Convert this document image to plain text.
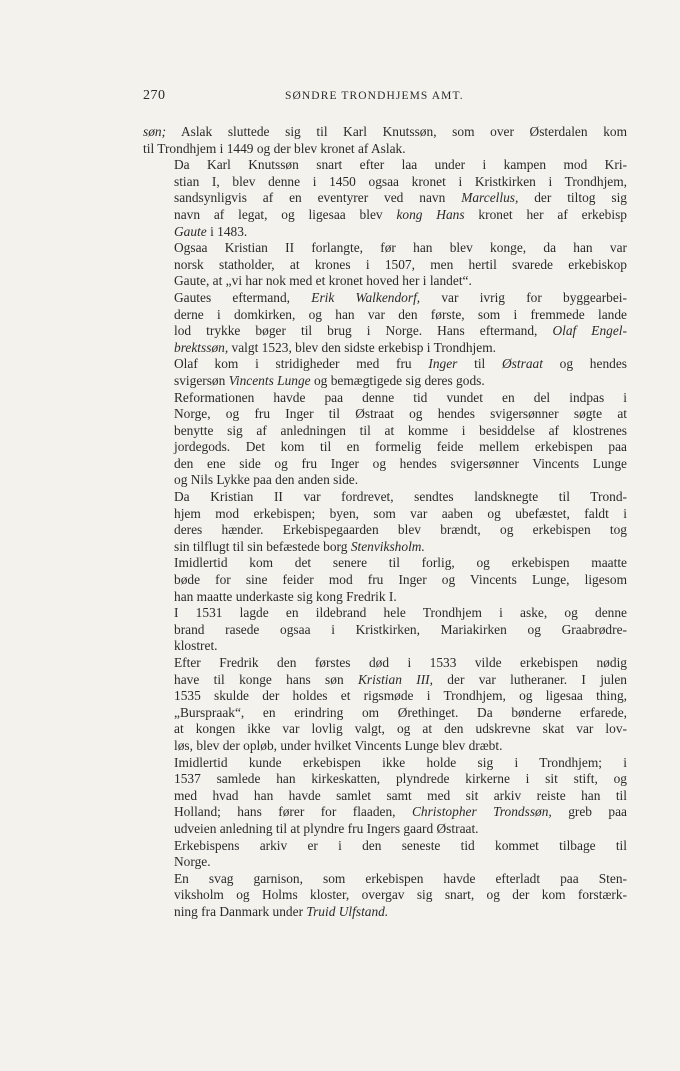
270	SØNDRE TRONDHJEMS AMT.

søn; Aslak sluttede sig til Karl Knutssøn, som over Østerdalen kom
til Trondhjem i 1449 og der blev kronet af Aslak.

Da Karl Knutssøn snart efter laa under i kampen mod Kri-
stian I, blev denne i 1450 ogsaa kronet i Kristkirken i Trondhjem,
sandsynligvis af en eventyrer ved navn Marcellus, der tiltog sig
navn af legat, og ligesaa blev kong Hans kronet her af erkebisp
Gaute i 1483.

Ogsaa Kristian II forlangte, før han blev konge, da han var
norsk statholder, at krones i 1507, men hertil svarede erkebiskop
Gaute, at „vi har nok med et kronet hoved her i landet“.

Gautes eftermand, Erik Walkendorf, var ivrig for byggearbei-
derne i domkirken, og han var den første, som i fremmede lande
lod trykke bøger til brug i Norge. Hans eftermand, Olaf Engel-
brektssøn, valgt 1523, blev den sidste erkebisp i Trondhjem.

Olaf kom i stridigheder med fru Inger til Østraat og hendes
svigersøn Vincents Lunge og bemægtigede sig deres gods.

Reformationen havde paa denne tid vundet en del indpas i
Norge, og fru Inger til Østraat og hendes svigersønner søgte at
benytte sig af anledningen til at komme i besiddelse af klostrenes
jordegods. Det kom til en formelig feide mellem erkebispen paa
den ene side og fru Inger og hendes svigersønner Vincents Lunge
og Nils Lykke paa den anden side.

Da Kristian II var fordrevet, sendtes landsknegte til Trond-
hjem mod erkebispen; byen, som var aaben og ubefæstet, faldt i
deres hænder. Erkebispegaarden blev brændt, og erkebispen tog
sin tilflugt til sin befæstede borg Stenviksholm.

Imidlertid kom det senere til forlig, og erkebispen maatte
bøde for sine feider mod fru Inger og Vincents Lunge, ligesom
han maatte underkaste sig kong Fredrik I.

I 1531 lagde en ildebrand hele Trondhjem i aske, og denne
brand rasede ogsaa i Kristkirken, Mariakirken og Graabrødre-
klostret.

Efter Fredrik den førstes død i 1533 vilde erkebispen nødig
have til konge hans søn Kristian III, der var lutheraner. I julen
1535 skulde der holdes et rigsmøde i Trondhjem, og ligesaa thing,
„Burspraak“, en erindring om Ørethinget. Da bønderne erfarede,
at kongen ikke var lovlig valgt, og at den udskrevne skat var lov-
løs, blev der opløb, under hvilket Vincents Lunge blev dræbt.

Imidlertid kunde erkebispen ikke holde sig i Trondhjem; i
1537 samlede han kirkeskatten, plyndrede kirkerne i sit stift, og
med hvad han havde samlet samt med sit arkiv reiste han til
Holland; hans fører for flaaden, Christopher Trondssøn, greb paa
udveien anledning til at plyndre fru Ingers gaard Østraat.

Erkebispens arkiv er i den seneste tid kommet tilbage til
Norge.

En svag garnison, som erkebispen havde efterladt paa Sten-
viksholm og Holms kloster, overgav sig snart, og der kom forstærk-
ning fra Danmark under Truid Ulfstand.
